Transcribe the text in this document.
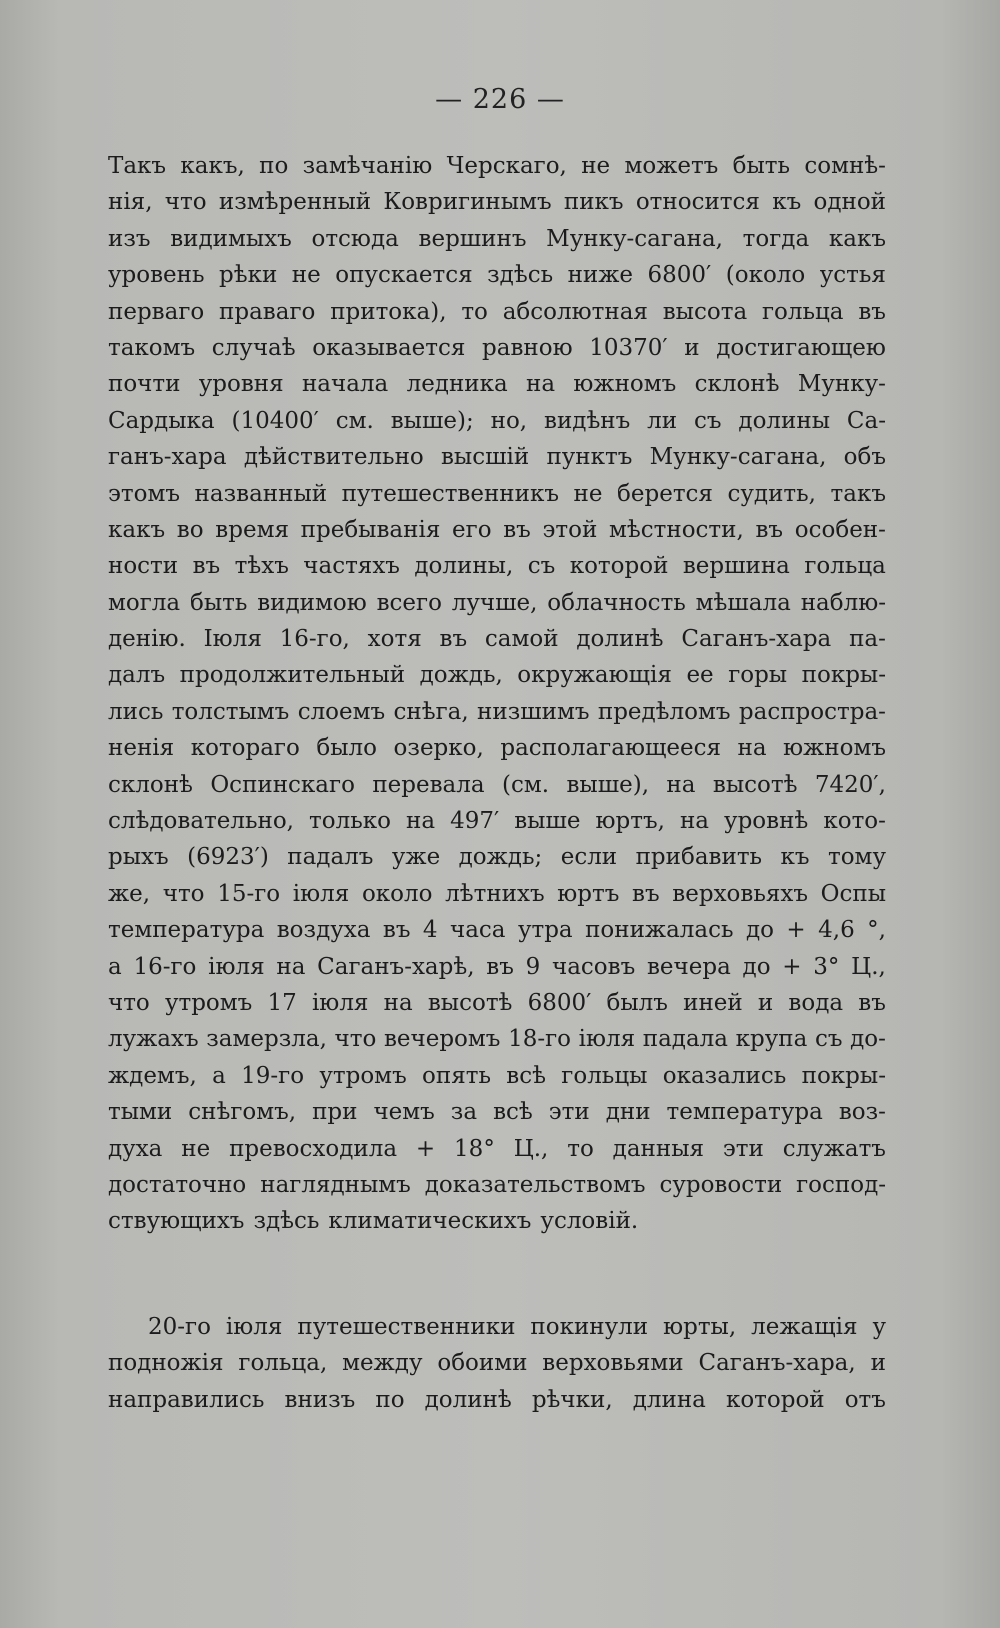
— 226 —
Такъ какъ, по замѣчанію Черскаго, не можетъ быть сомнѣ-
нія, что измѣренный Ковригинымъ пикъ относится къ одной
изъ видимыхъ отсюда вершинъ Мунку-сагана, тогда какъ
уровень рѣки не опускается здѣсь ниже 6800′ (около устья
перваго праваго притока), то абсолютная высота гольца въ
такомъ случаѣ оказывается равною 10370′ и достигающею
почти уровня начала ледника на южномъ склонѣ Мунку-
Сардыка (10400′ см. выше); но, видѣнъ ли съ долины Са-
ганъ-хара дѣйствительно высшій пунктъ Мунку-сагана, объ
этомъ названный путешественникъ не берется судить, такъ
какъ во время пребыванія его въ этой мѣстности, въ особен-
ности въ тѣхъ частяхъ долины, съ которой вершина гольца
могла быть видимою всего лучше, облачность мѣшала наблю-
денію. Іюля 16-го, хотя въ самой долинѣ Саганъ-хара па-
далъ продолжительный дождь, окружающія ее горы покры-
лись толстымъ слоемъ снѣга, низшимъ предѣломъ распростра-
ненія котораго было озерко, располагающееся на южномъ
склонѣ Оспинскаго перевала (см. выше), на высотѣ 7420′,
слѣдовательно, только на 497′ выше юртъ, на уровнѣ кото-
рыхъ (6923′) падалъ уже дождь; если прибавить къ тому
же, что 15-го іюля около лѣтнихъ юртъ въ верховьяхъ Оспы
температура воздуха въ 4 часа утра понижалась до + 4,6 °,
а 16-го іюля на Саганъ-харѣ, въ 9 часовъ вечера до + 3° Ц.,
что утромъ 17 іюля на высотѣ 6800′ былъ иней и вода въ
лужахъ замерзла, что вечеромъ 18-го іюля падала крупа съ до-
ждемъ, а 19-го утромъ опять всѣ гольцы оказались покры-
тыми снѣгомъ, при чемъ за всѣ эти дни температура воз-
духа не превосходила + 18° Ц., то данныя эти служатъ
достаточно нагляднымъ доказательствомъ суровости господ-
ствующихъ здѣсь климатическихъ условій.
20-го іюля путешественники покинули юрты, лежащія у
подножія гольца, между обоими верховьями Саганъ-хара, и
направились внизъ по долинѣ рѣчки, длина которой отъ
